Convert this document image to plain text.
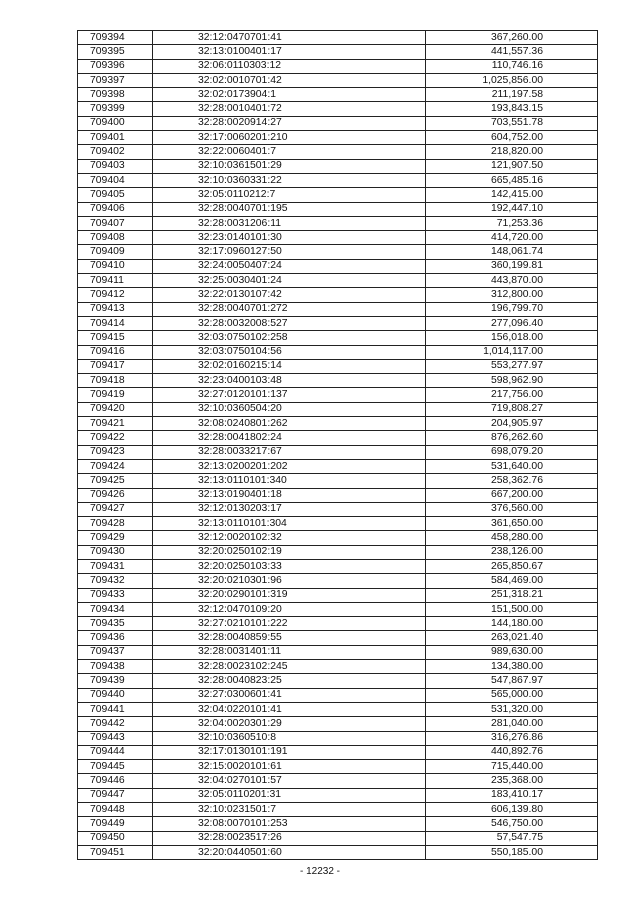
709394	32:12:0470701:41	367,260.00
709395	32:13:0100401:17	441,557.36
709396	32:06:0110303:12	110,746.16
709397	32:02:0010701:42	1,025,856.00
709398	32:02:0173904:1	211,197.58
709399	32:28:0010401:72	193,843.15
709400	32:28:0020914:27	703,551.78
709401	32:17:0060201:210	604,752.00
709402	32:22:0060401:7	218,820.00
709403	32:10:0361501:29	121,907.50
709404	32:10:0360331:22	665,485.16
709405	32:05:0110212:7	142,415.00
709406	32:28:0040701:195	192,447.10
709407	32:28:0031206:11	71,253.36
709408	32:23:0140101:30	414,720.00
709409	32:17:0960127:50	148,061.74
709410	32:24:0050407:24	360,199.81
709411	32:25:0030401:24	443,870.00
709412	32:22:0130107:42	312,800.00
709413	32:28:0040701:272	196,799.70
709414	32:28:0032008:527	277,096.40
709415	32:03:0750102:258	156,018.00
709416	32:03:0750104:56	1,014,117.00
709417	32:02:0160215:14	553,277.97
709418	32:23:0400103:48	598,962.90
709419	32:27:0120101:137	217,756.00
709420	32:10:0360504:20	719,808.27
709421	32:08:0240801:262	204,905.97
709422	32:28:0041802:24	876,262.60
709423	32:28:0033217:67	698,079.20
709424	32:13:0200201:202	531,640.00
709425	32:13:0110101:340	258,362.76
709426	32:13:0190401:18	667,200.00
709427	32:12:0130203:17	376,560.00
709428	32:13:0110101:304	361,650.00
709429	32:12:0020102:32	458,280.00
709430	32:20:0250102:19	238,126.00
709431	32:20:0250103:33	265,850.67
709432	32:20:0210301:96	584,469.00
709433	32:20:0290101:319	251,318.21
709434	32:12:0470109:20	151,500.00
709435	32:27:0210101:222	144,180.00
709436	32:28:0040859:55	263,021.40
709437	32:28:0031401:11	989,630.00
709438	32:28:0023102:245	134,380.00
709439	32:28:0040823:25	547,867.97
709440	32:27:0300601:41	565,000.00
709441	32:04:0220101:41	531,320.00
709442	32:04:0020301:29	281,040.00
709443	32:10:0360510:8	316,276.86
709444	32:17:0130101:191	440,892.76
709445	32:15:0020101:61	715,440.00
709446	32:04:0270101:57	235,368.00
709447	32:05:0110201:31	183,410.17
709448	32:10:0231501:7	606,139.80
709449	32:08:0070101:253	546,750.00
709450	32:28:0023517:26	57,547.75
709451	32:20:0440501:60	550,185.00
- 12232 -
